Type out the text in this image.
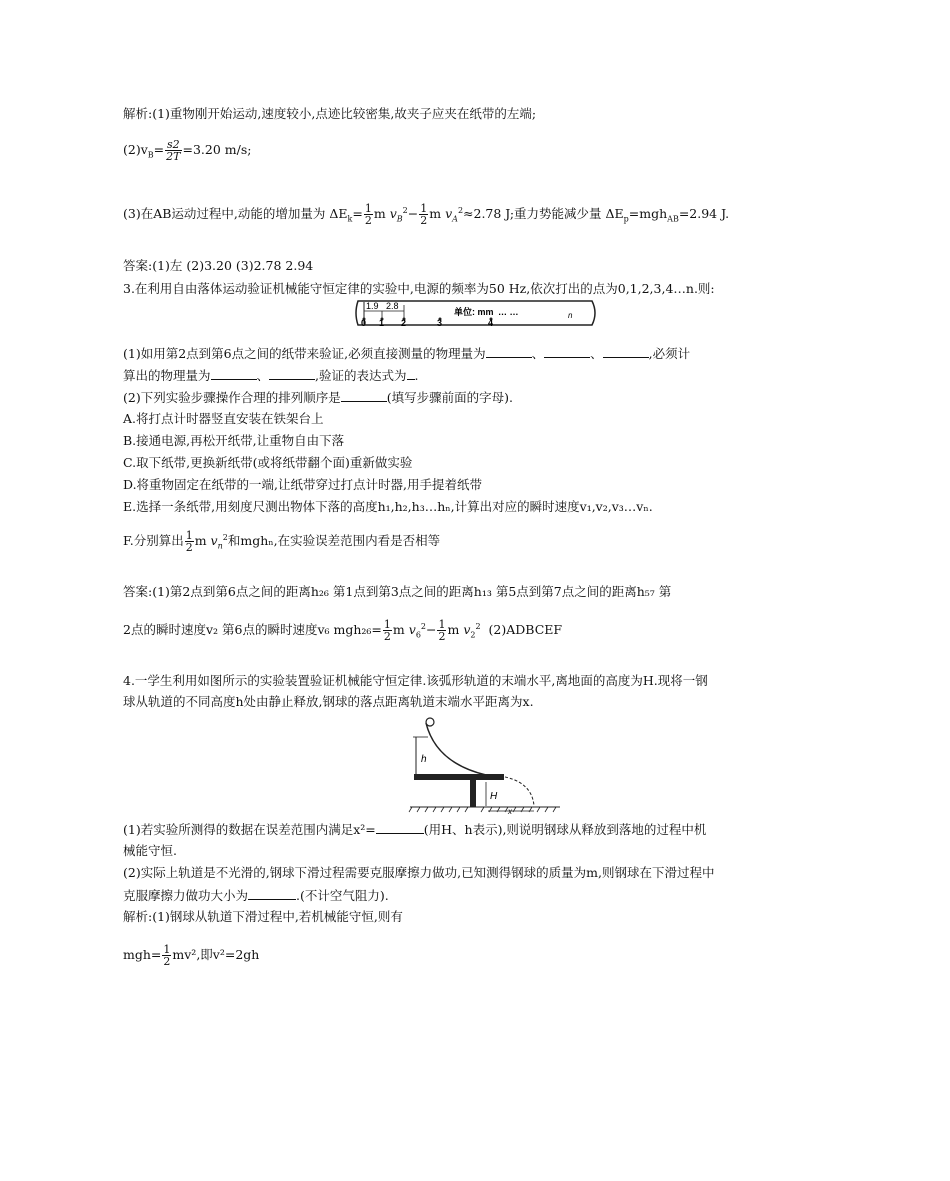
解析:(1)重物刚开始运动,速度较小,点迹比较密集,故夹子应夹在纸带的左端;
$(2)v_B= \frac{s2}{2T} =3.20$ m/s;
(3)在AB运动过程中,动能的增加量为 $\Delta E_k= \frac{1}{2}$ m $v_B^2- \frac{1}{2}$ m $v_A^2\approx 2.78$ J;重力势能减少量 $\Delta E_p=mgh_{AB}=2.94$ J.
答案:(1)左 (2)3.20 (3)2.78 2.94
3.在利用自由落体运动验证机械能守恒定律的实验中,电源的频率为50 Hz,依次打出的点为0,1,2,3,4…n.则:
1.9 2.8
0 1 2	3	4
单位: mm … …	n
(1)如用第2点到第6点之间的纸带来验证,必须直接测量的物理量为	、	、	,必须计
算出的物理量为	、	,验证的表达式为 .
(2)下列实验步骤操作合理的排列顺序是	(填写步骤前面的字母).
A.将打点计时器竖直安装在铁架台上
B.接通电源,再松开纸带,让重物自由下落
C.取下纸带,更换新纸带(或将纸带翻个面)重新做实验
D.将重物固定在纸带的一端,让纸带穿过打点计时器,用手提着纸带
E.选择一条纸带,用刻度尺测出物体下落的高度h₁,h₂,h₃…hₙ,计算出对应的瞬时速度v₁,v₂,v₃…vₙ.
F.分别算出 $\frac{1}{2}$ m $v_n^2$和mghₙ,在实验误差范围内看是否相等
答案:(1)第2点到第6点之间的距离h₂₆ 第1点到第3点之间的距离h₁₃ 第5点到第7点之间的距离h₅₇ 第
2点的瞬时速度v₂ 第6点的瞬时速度v₆ $mgh_{26}= \frac{1}{2}$ m $v_6^2- \frac{1}{2}$ m $v_2^2$ (2)ADBCEF
4.一学生利用如图所示的实验装置验证机械能守恒定律.该弧形轨道的末端水平,离地面的高度为H.现将一钢
球从轨道的不同高度h处由静止释放,钢球的落点距离轨道末端水平距离为x.
h
H
x
(1)若实验所测得的数据在误差范围内满足x²=	(用H、h表示),则说明钢球从释放到落地的过程中机
械能守恒.
(2)实际上轨道是不光滑的,钢球下滑过程需要克服摩擦力做功,已知测得钢球的质量为m,则钢球在下滑过程中
克服摩擦力做功大小为	.(不计空气阻力).
解析:(1)钢球从轨道下滑过程中,若机械能守恒,则有
$mgh= \frac{1}{2} mv^2$,即v²=2gh
